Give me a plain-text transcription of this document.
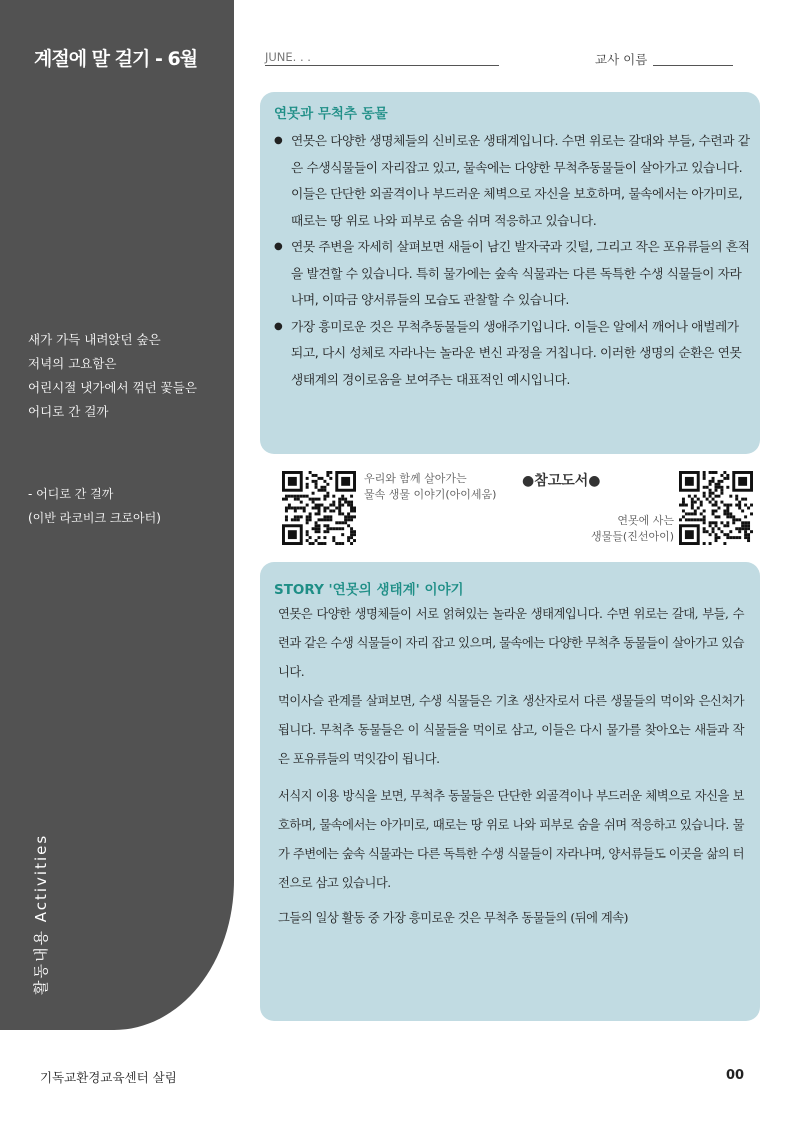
계절에 말 걸기 - 6월
새가 가득 내려앉던 숲은
저녁의 고요함은
어린시절 냇가에서 꺾던 꽃들은
어디로 간 걸까
- 어디로 간 걸까
(이반 라코비크 크로아터)
활동내용 Activities
JUNE. . .	교사 이름
연못과 무척추 동물
● 연못은 다양한 생명체들의 신비로운 생태계입니다. 수면 위로는 갈대와 부들, 수련과 같은 수생식물들이 자리잡고 있고, 물속에는 다양한 무척추동물들이 살아가고 있습니다. 이들은 단단한 외골격이나 부드러운 체벽으로 자신을 보호하며, 물속에서는 아가미로, 때로는 땅 위로 나와 피부로 숨을 쉬며 적응하고 있습니다.
● 연못 주변을 자세히 살펴보면 새들이 남긴 발자국과 깃털, 그리고 작은 포유류들의 흔적을 발견할 수 있습니다. 특히 물가에는 숲속 식물과는 다른 독특한 수생 식물들이 자라나며, 이따금 양서류들의 모습도 관찰할 수 있습니다.
● 가장 흥미로운 것은 무척추동물들의 생애주기입니다. 이들은 알에서 깨어나 애벌레가 되고, 다시 성체로 자라나는 놀라운 변신 과정을 거칩니다. 이러한 생명의 순환은 연못 생태계의 경이로움을 보여주는 대표적인 예시입니다.
우리와 함께 살아가는
물속 생물 이야기(아이세움)
●참고도서●
연못에 사는
생물들(진선아이)
STORY '연못의 생태계' 이야기

연못은 다양한 생명체들이 서로 얽혀있는 놀라운 생태계입니다. 수면 위로는 갈대, 부들, 수련과 같은 수생 식물들이 자리 잡고 있으며, 물속에는 다양한 무척추 동물들이 살아가고 있습니다.

먹이사슬 관계를 살펴보면, 수생 식물들은 기초 생산자로서 다른 생물들의 먹이와 은신처가 됩니다. 무척추 동물들은 이 식물들을 먹이로 삼고, 이들은 다시 물가를 찾아오는 새들과 작은 포유류들의 먹잇감이 됩니다.

서식지 이용 방식을 보면, 무척추 동물들은 단단한 외골격이나 부드러운 체벽으로 자신을 보호하며, 물속에서는 아가미로, 때로는 땅 위로 나와 피부로 숨을 쉬며 적응하고 있습니다. 물가 주변에는 숲속 식물과는 다른 독특한 수생 식물들이 자라나며, 양서류들도 이곳을 삶의 터전으로 삼고 있습니다.

그들의 일상 활동 중 가장 흥미로운 것은 무척추 동물들의 (뒤에 계속)

기독교환경교육센터 살림	00
